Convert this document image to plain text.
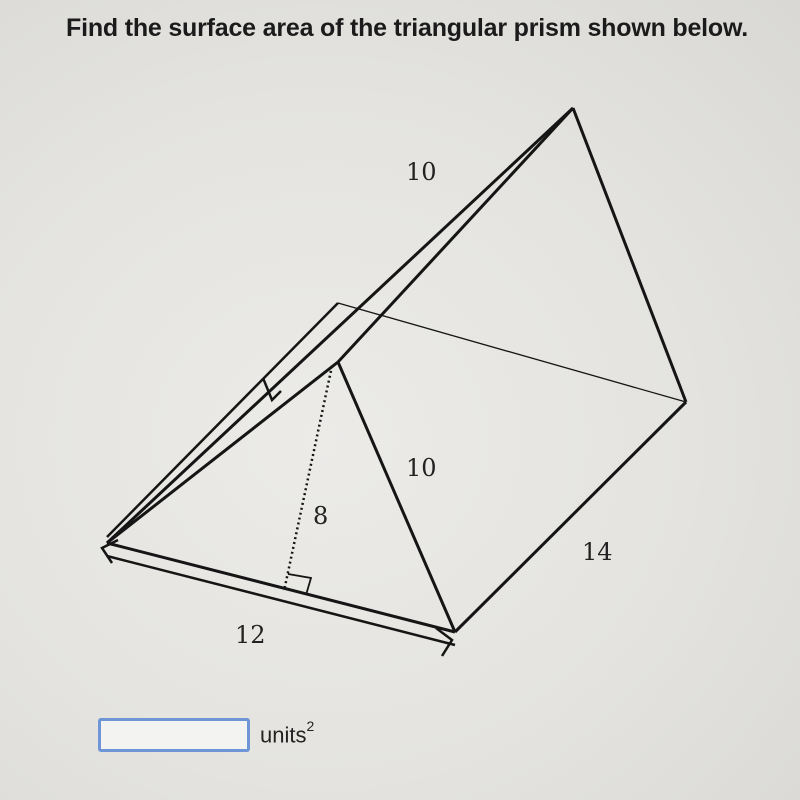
Find the surface area of the triangular prism shown below.
10
10
8
14
12
units$^2$
